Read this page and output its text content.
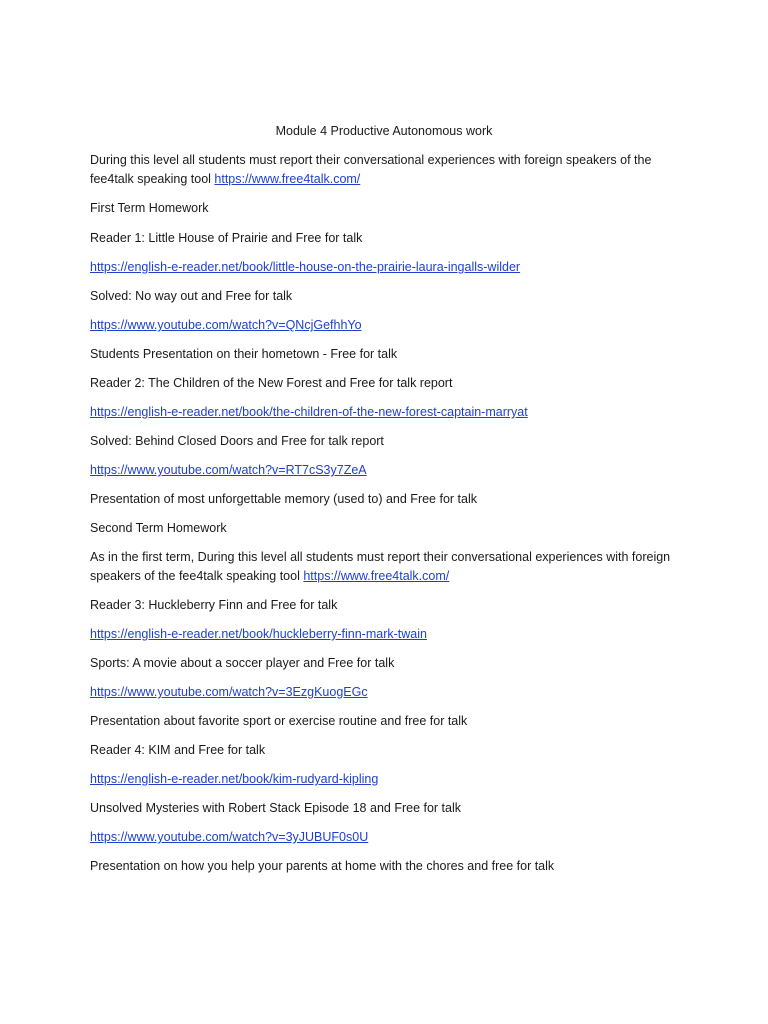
Module 4 Productive Autonomous work
During this level all students must report their conversational experiences with foreign speakers of the fee4talk speaking tool https://www.free4talk.com/
First Term Homework
Reader 1: Little House of Prairie and Free for talk
https://english-e-reader.net/book/little-house-on-the-prairie-laura-ingalls-wilder
Solved: No way out and Free for talk
https://www.youtube.com/watch?v=QNcjGefhhYo
Students Presentation on their hometown - Free for talk
Reader 2: The Children of the New Forest and Free for talk report
https://english-e-reader.net/book/the-children-of-the-new-forest-captain-marryat
Solved: Behind Closed Doors and Free for talk report
https://www.youtube.com/watch?v=RT7cS3y7ZeA
Presentation of most unforgettable memory (used to) and Free for talk
Second Term Homework
As in the first term, During this level all students must report their conversational experiences with foreign speakers of the fee4talk speaking tool https://www.free4talk.com/
Reader 3: Huckleberry Finn and Free for talk
https://english-e-reader.net/book/huckleberry-finn-mark-twain
Sports: A movie about a soccer player and Free for talk
https://www.youtube.com/watch?v=3EzgKuogEGc
Presentation about favorite sport or exercise routine and free for talk
Reader 4: KIM and Free for talk
https://english-e-reader.net/book/kim-rudyard-kipling
Unsolved Mysteries with Robert Stack Episode 18 and Free for talk
https://www.youtube.com/watch?v=3yJUBUF0s0U
Presentation on how you help your parents at home with the chores and free for talk
